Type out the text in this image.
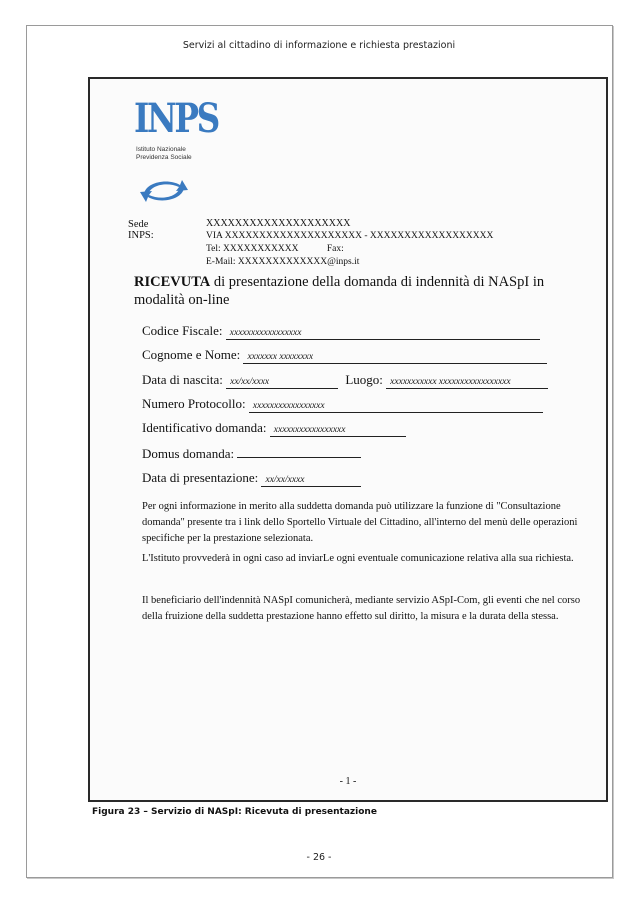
Servizi al cittadino di informazione e richiesta prestazioni
INPS
Istituto Nazionale
Previdenza Sociale
Sede INPS:
XXXXXXXXXXXXXXXXXXXX
VIA XXXXXXXXXXXXXXXXXXXX - XXXXXXXXXXXXXXXXXX
Tel: XXXXXXXXXXX	Fax:
E-Mail: XXXXXXXXXXXXX@inps.it
RICEVUTA di presentazione della domanda di indennità di NASpI in modalità on-line
Codice Fiscale: xxxxxxxxxxxxxxxxx
Cognome e Nome: xxxxxxx xxxxxxxx
Data di nascita: xx/xx/xxxx	Luogo: xxxxxxxxxxx xxxxxxxxxxxxxxxxx
Numero Protocollo: xxxxxxxxxxxxxxxxx
Identificativo domanda: xxxxxxxxxxxxxxxxx
Domus domanda:
Data di presentazione: xx/xx/xxxx
Per ogni informazione in merito alla suddetta domanda può utilizzare la funzione di "Consultazione domanda" presente tra i link dello Sportello Virtuale del Cittadino, all'interno del menù delle operazioni specifiche per la prestazione selezionata.
L'Istituto provvederà in ogni caso ad inviarLe ogni eventuale comunicazione relativa alla sua richiesta.
Il beneficiario dell'indennità NASpI comunicherà, mediante servizio ASpI-Com, gli eventi che nel corso della fruizione della suddetta prestazione hanno effetto sul diritto, la misura e la durata della stessa.
- 1 -
Figura 23 – Servizio di NASpI: Ricevuta di presentazione
- 26 -
